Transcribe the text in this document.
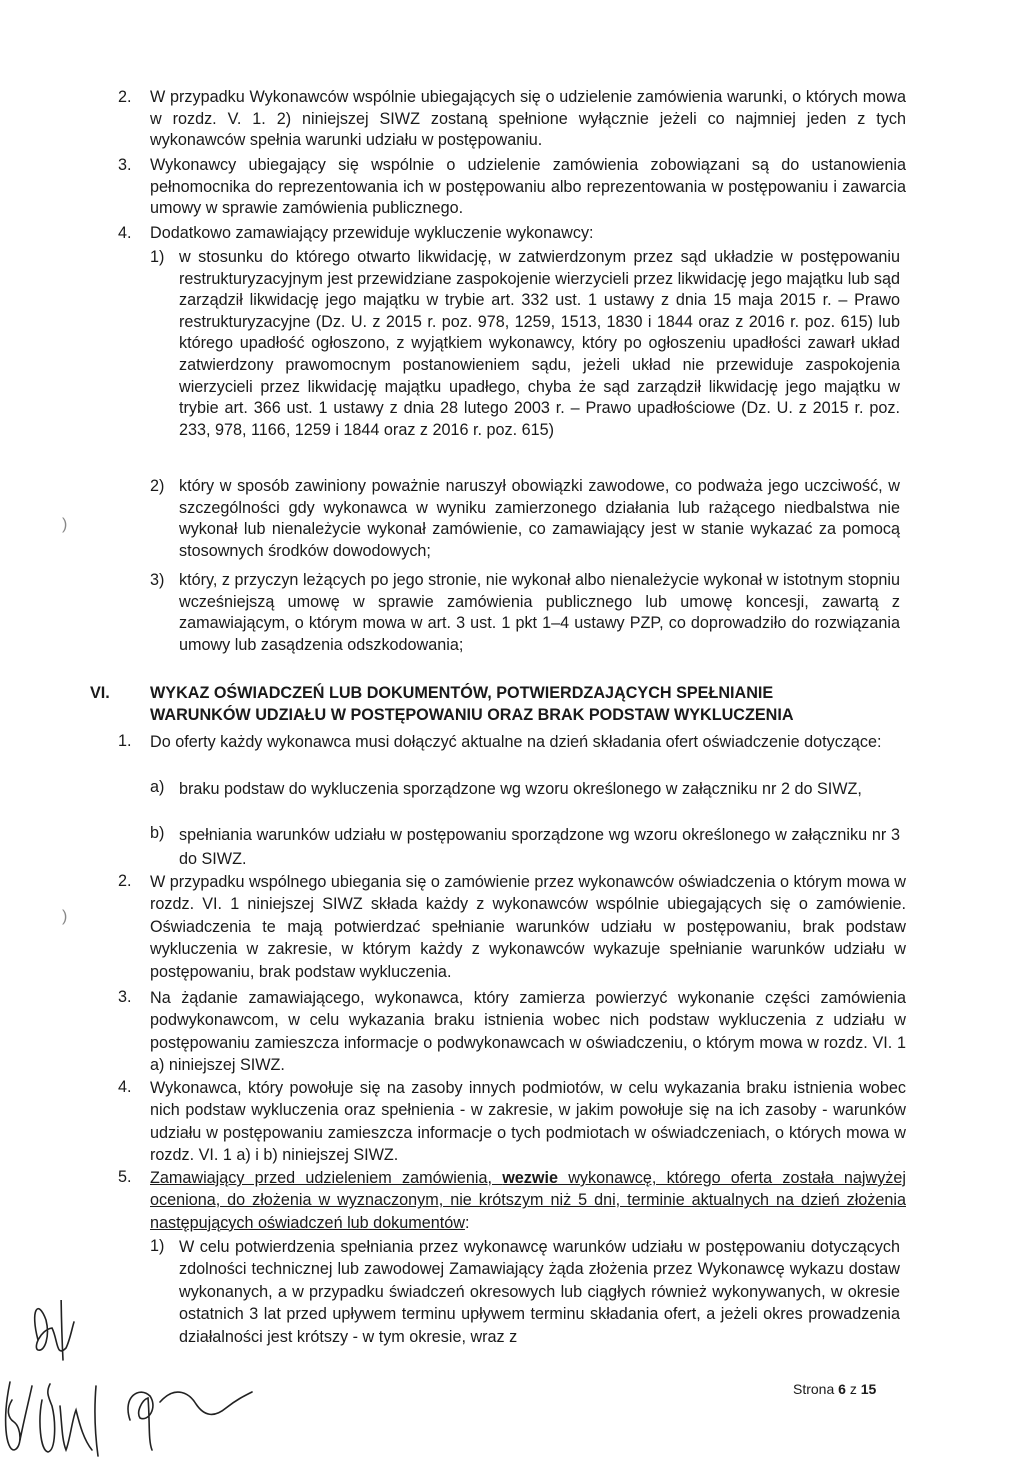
2. W przypadku Wykonawców wspólnie ubiegających się o udzielenie zamówienia warunki, o których mowa w rozdz. V. 1. 2) niniejszej SIWZ zostaną spełnione wyłącznie jeżeli co najmniej jeden z tych wykonawców spełnia warunki udziału w postępowaniu.
3. Wykonawcy ubiegający się wspólnie o udzielenie zamówienia zobowiązani są do ustanowienia pełnomocnika do reprezentowania ich w postępowaniu albo reprezentowania w postępowaniu i zawarcia umowy w sprawie zamówienia publicznego.
4. Dodatkowo zamawiający przewiduje wykluczenie wykonawcy:
1) w stosunku do którego otwarto likwidację, w zatwierdzonym przez sąd układzie w postępowaniu restrukturyzacyjnym jest przewidziane zaspokojenie wierzycieli przez likwidację jego majątku lub sąd zarządził likwidację jego majątku w trybie art. 332 ust. 1 ustawy z dnia 15 maja 2015 r. – Prawo restrukturyzacyjne (Dz. U. z 2015 r. poz. 978, 1259, 1513, 1830 i 1844 oraz z 2016 r. poz. 615) lub którego upadłość ogłoszono, z wyjątkiem wykonawcy, który po ogłoszeniu upadłości zawarł układ zatwierdzony prawomocnym postanowieniem sądu, jeżeli układ nie przewiduje zaspokojenia wierzycieli przez likwidację majątku upadłego, chyba że sąd zarządził likwidację jego majątku w trybie art. 366 ust. 1 ustawy z dnia 28 lutego 2003 r. – Prawo upadłościowe (Dz. U. z 2015 r. poz. 233, 978, 1166, 1259 i 1844 oraz z 2016 r. poz. 615)
2) który w sposób zawiniony poważnie naruszył obowiązki zawodowe, co podważa jego uczciwość, w szczególności gdy wykonawca w wyniku zamierzonego działania lub rażącego niedbalstwa nie wykonał lub nienależycie wykonał zamówienie, co zamawiający jest w stanie wykazać za pomocą stosownych środków dowodowych;
3) który, z przyczyn leżących po jego stronie, nie wykonał albo nienależycie wykonał w istotnym stopniu wcześniejszą umowę w sprawie zamówienia publicznego lub umowę koncesji, zawartą z zamawiającym, o którym mowa w art. 3 ust. 1 pkt 1–4 ustawy PZP, co doprowadziło do rozwiązania umowy lub zasądzenia odszkodowania;
VI. WYKAZ OŚWIADCZEŃ LUB DOKUMENTÓW, POTWIERDZAJĄCYCH SPEŁNIANIE
WARUNKÓW UDZIAŁU W POSTĘPOWANIU ORAZ BRAK PODSTAW WYKLUCZENIA
1. Do oferty każdy wykonawca musi dołączyć aktualne na dzień składania ofert oświadczenie dotyczące:
a) braku podstaw do wykluczenia sporządzone wg wzoru określonego w załączniku nr 2 do SIWZ,
b) spełniania warunków udziału w postępowaniu sporządzone wg wzoru określonego w załączniku nr 3 do SIWZ.
2. W przypadku wspólnego ubiegania się o zamówienie przez wykonawców oświadczenia o którym mowa w rozdz. VI. 1 niniejszej SIWZ składa każdy z wykonawców wspólnie ubiegających się o zamówienie. Oświadczenia te mają potwierdzać spełnianie warunków udziału w postępowaniu, brak podstaw wykluczenia w zakresie, w którym każdy z wykonawców wykazuje spełnianie warunków udziału w postępowaniu, brak podstaw wykluczenia.
3. Na żądanie zamawiającego, wykonawca, który zamierza powierzyć wykonanie części zamówienia podwykonawcom, w celu wykazania braku istnienia wobec nich podstaw wykluczenia z udziału w postępowaniu zamieszcza informacje o podwykonawcach w oświadczeniu, o którym mowa w rozdz. VI. 1 a) niniejszej SIWZ.
4. Wykonawca, który powołuje się na zasoby innych podmiotów, w celu wykazania braku istnienia wobec nich podstaw wykluczenia oraz spełnienia - w zakresie, w jakim powołuje się na ich zasoby - warunków udziału w postępowaniu zamieszcza informacje o tych podmiotach w oświadczeniach, o których mowa w rozdz. VI. 1 a) i b) niniejszej SIWZ.
5. Zamawiający przed udzieleniem zamówienia, wezwie wykonawcę, którego oferta została najwyżej oceniona, do złożenia w wyznaczonym, nie krótszym niż 5 dni, terminie aktualnych na dzień złożenia następujących oświadczeń lub dokumentów:
1) W celu potwierdzenia spełniania przez wykonawcę warunków udziału w postępowaniu dotyczących zdolności technicznej lub zawodowej Zamawiający żąda złożenia przez Wykonawcę wykazu dostaw wykonanych, a w przypadku świadczeń okresowych lub ciągłych również wykonywanych, w okresie ostatnich 3 lat przed upływem terminu upływem terminu składania ofert, a jeżeli okres prowadzenia działalności jest krótszy - w tym okresie, wraz z
)
)
Strona 6 z 15
